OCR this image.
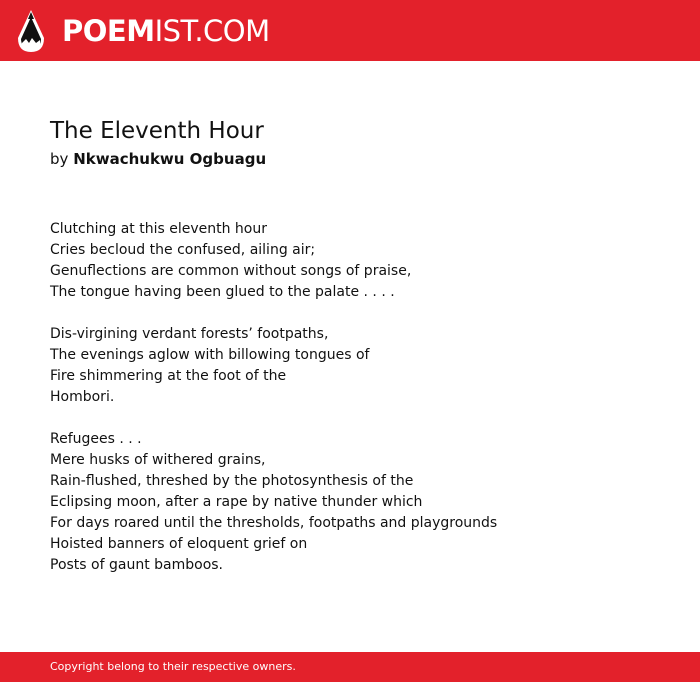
POEMIST.COM
The Eleventh Hour
by Nkwachukwu Ogbuagu
Clutching at this eleventh hour
Cries becloud the confused, ailing air;
Genuflections are common without songs of praise,
The tongue having been glued to the palate . . . .
Dis-virgining verdant forests’ footpaths,
The evenings aglow with billowing tongues of
Fire shimmering at the foot of the
Hombori.
Refugees . . .
Mere husks of withered grains,
Rain-flushed, threshed by the photosynthesis of the
Eclipsing moon, after a rape by native thunder which
For days roared until the thresholds, footpaths and playgrounds
Hoisted banners of eloquent grief on
Posts of gaunt bamboos.
Copyright belong to their respective owners.
